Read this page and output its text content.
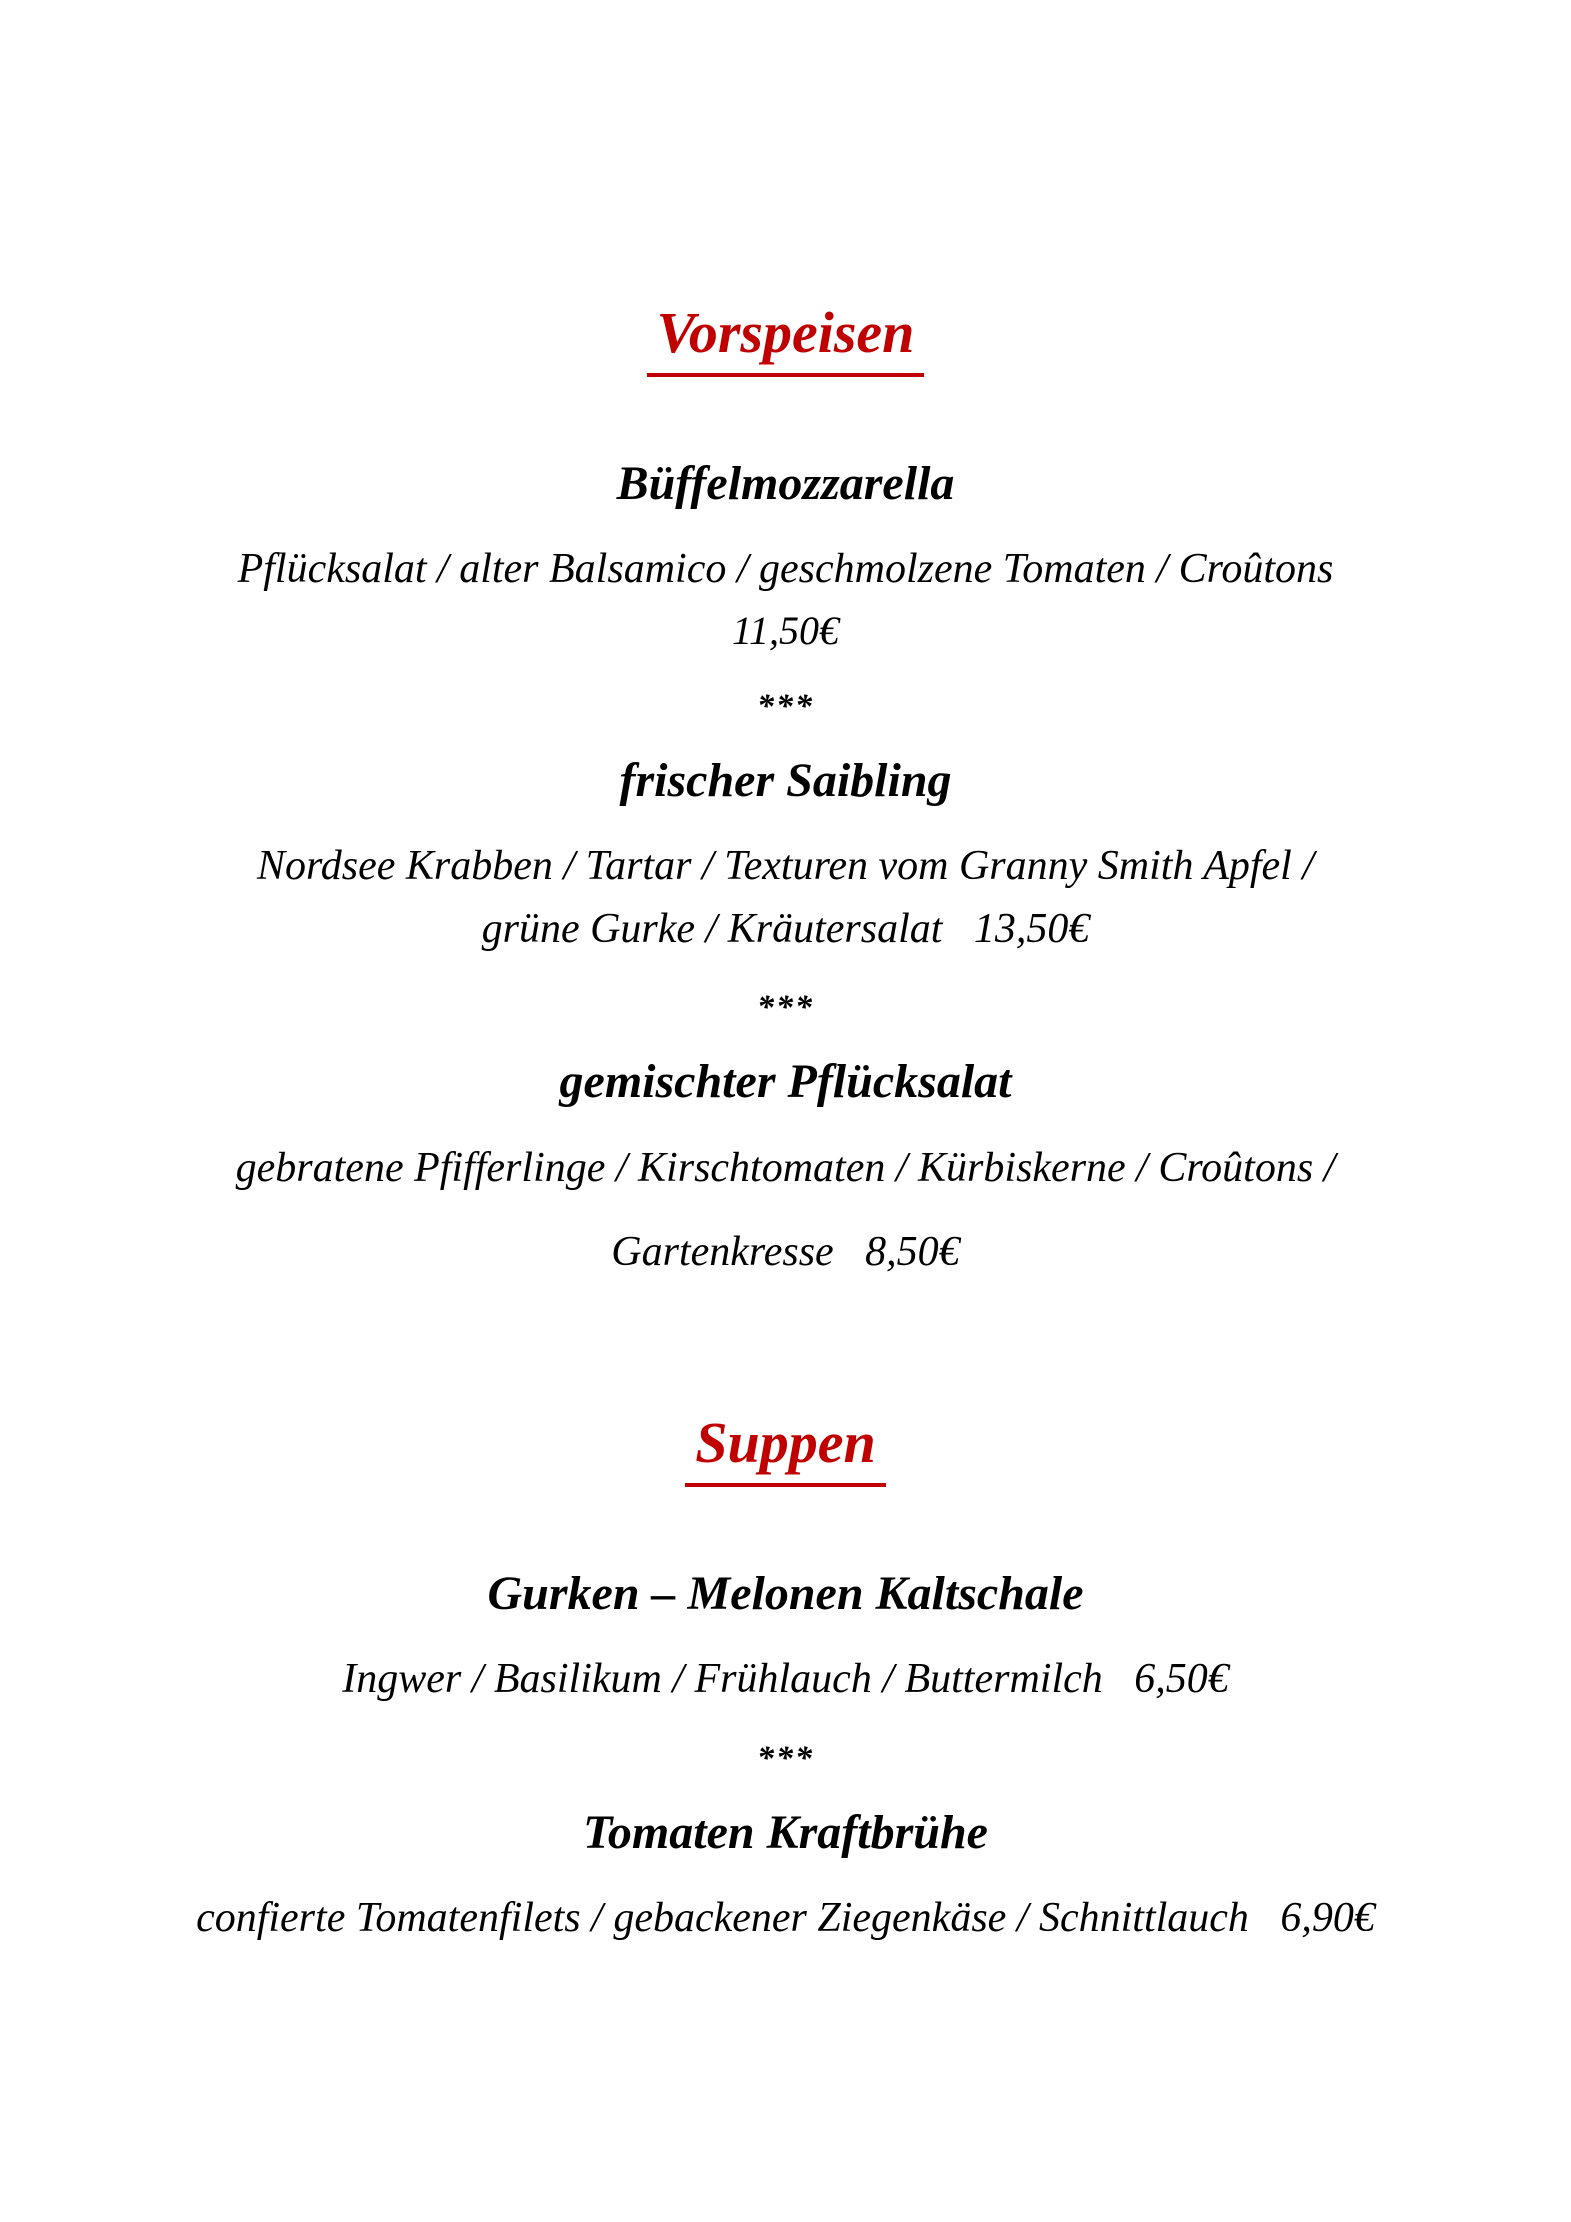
Vorspeisen
Büffelmozzarella

Pflücksalat / alter Balsamico / geschmolzene Tomaten / Croûtons

11,50€

***
frischer Saibling

Nordsee Krabben / Tartar / Texturen vom Granny Smith Apfel /

grüne Gurke / Kräutersalat   13,50€

***
gemischter Pflücksalat

gebratene Pfifferlinge / Kirschtomaten / Kürbiskerne / Croûtons /

Gartenkresse   8,50€

Suppen
Gurken – Melonen Kaltschale

Ingwer / Basilikum / Frühlauch / Buttermilch   6,50€

***
Tomaten Kraftbrühe

confierte Tomatenfilets / gebackener Ziegenkäse / Schnittlauch   6,90€
